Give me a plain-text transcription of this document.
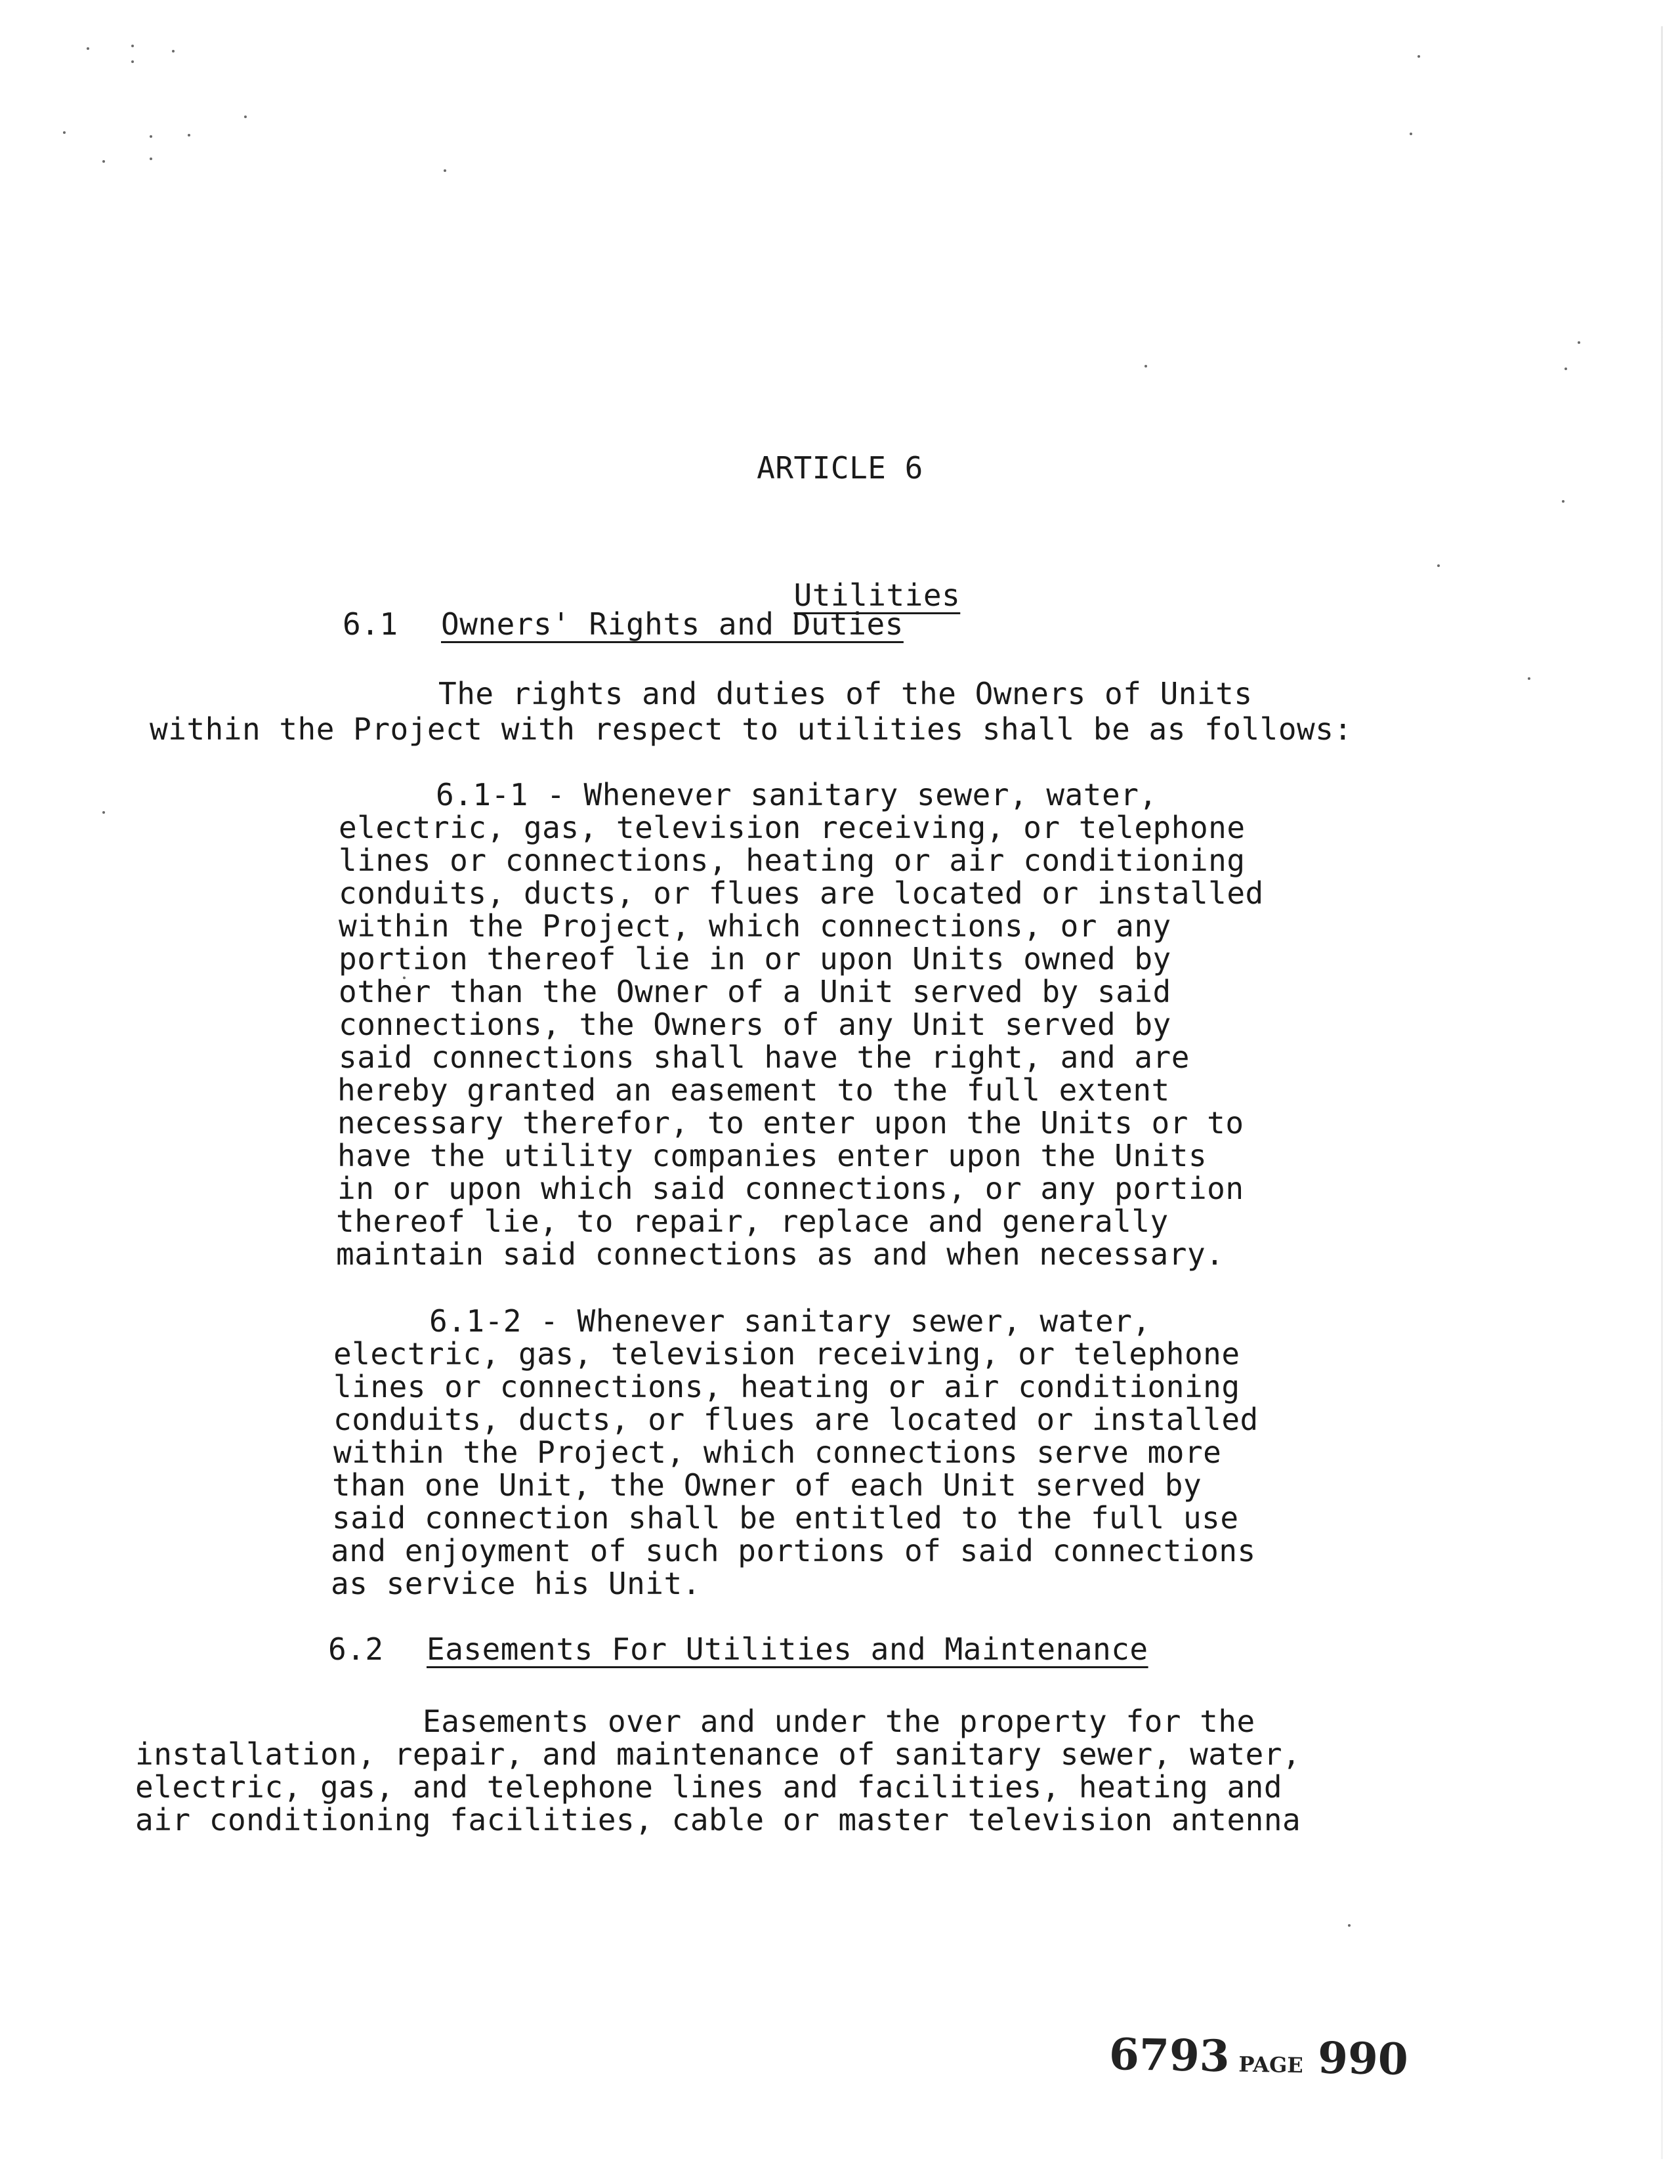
ARTICLE 6

Utilities

6.1 Owners' Rights and Duties
The rights and duties of the Owners of Units
within the Project with respect to utilities shall be as follows:
6.1-1 - Whenever sanitary sewer, water,
electric, gas, television receiving, or telephone
lines or connections, heating or air conditioning
conduits, ducts, or flues are located or installed
within the Project, which connections, or any
portion thereof lie in or upon Units owned by
other than the Owner of a Unit served by said
connections, the Owners of any Unit served by
said connections shall have the right, and are
hereby granted an easement to the full extent
necessary therefor, to enter upon the Units or to
have the utility companies enter upon the Units
in or upon which said connections, or any portion
thereof lie, to repair, replace and generally
maintain said connections as and when necessary.
6.1-2 - Whenever sanitary sewer, water,
electric, gas, television receiving, or telephone
lines or connections, heating or air conditioning
conduits, ducts, or flues are located or installed
within the Project, which connections serve more
than one Unit, the Owner of each Unit served by
said connection shall be entitled to the full use
and enjoyment of such portions of said connections
as service his Unit.
6.2 Easements For Utilities and Maintenance
Easements over and under the property for the
installation, repair, and maintenance of sanitary sewer, water,
electric, gas, and telephone lines and facilities, heating and
air conditioning facilities, cable or master television antenna
6793 PAGE 990
